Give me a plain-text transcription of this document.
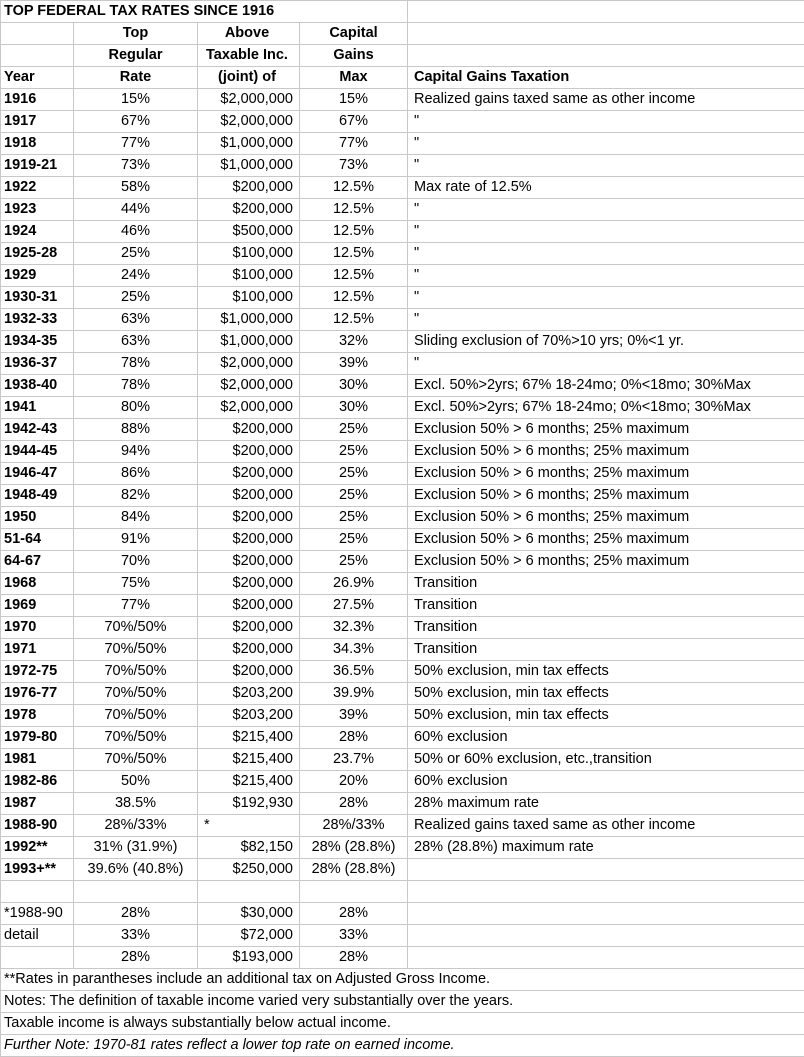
TOP FEDERAL TAX RATES SINCE 1916				
	Top	Above	Capital	
	Regular	Taxable Inc.	Gains	
Year	Rate	(joint) of	Max	Capital Gains Taxation
1916	15%	$2,000,000	15%	Realized gains taxed same as other income
1917	67%	$2,000,000	67%	"
1918	77%	$1,000,000	77%	"
1919-21	73%	$1,000,000	73%	"
1922	58%	$200,000	12.5%	Max rate of 12.5%
1923	44%	$200,000	12.5%	"
1924	46%	$500,000	12.5%	"
1925-28	25%	$100,000	12.5%	"
1929	24%	$100,000	12.5%	"
1930-31	25%	$100,000	12.5%	"
1932-33	63%	$1,000,000	12.5%	"
1934-35	63%	$1,000,000	32%	Sliding exclusion of 70%>10 yrs; 0%<1 yr.
1936-37	78%	$2,000,000	39%	"
1938-40	78%	$2,000,000	30%	Excl. 50%>2yrs; 67% 18-24mo; 0%<18mo; 30%Max
1941	80%	$2,000,000	30%	Excl. 50%>2yrs; 67% 18-24mo; 0%<18mo; 30%Max
1942-43	88%	$200,000	25%	Exclusion 50% > 6 months; 25% maximum
1944-45	94%	$200,000	25%	Exclusion 50% > 6 months; 25% maximum
1946-47	86%	$200,000	25%	Exclusion 50% > 6 months; 25% maximum
1948-49	82%	$200,000	25%	Exclusion 50% > 6 months; 25% maximum
1950	84%	$200,000	25%	Exclusion 50% > 6 months; 25% maximum
51-64	91%	$200,000	25%	Exclusion 50% > 6 months; 25% maximum
64-67	70%	$200,000	25%	Exclusion 50% > 6 months; 25% maximum
1968	75%	$200,000	26.9%	Transition
1969	77%	$200,000	27.5%	Transition
1970	70%/50%	$200,000	32.3%	Transition
1971	70%/50%	$200,000	34.3%	Transition
1972-75	70%/50%	$200,000	36.5%	50% exclusion, min tax effects
1976-77	70%/50%	$203,200	39.9%	50% exclusion, min tax effects
1978	70%/50%	$203,200	39%	50% exclusion, min tax effects
1979-80	70%/50%	$215,400	28%	60% exclusion
1981	70%/50%	$215,400	23.7%	50% or 60% exclusion, etc.,transition
1982-86	50%	$215,400	20%	60% exclusion
1987	38.5%	$192,930	28%	28% maximum rate
1988-90	28%/33%	*	28%/33%	Realized gains taxed same as other income
1992**	31% (31.9%)	$82,150	28% (28.8%)	28% (28.8%) maximum rate
1993+**	39.6% (40.8%)	$250,000	28% (28.8%)	

*1988-90	28%	$30,000	28%	
detail	33%	$72,000	33%	
	28%	$193,000	28%	
**Rates in parantheses include an additional tax on Adjusted Gross Income.				
Notes: The definition of taxable income varied very substantially over the years.				
Taxable income is always substantially below actual income.				
Further Note: 1970-81 rates reflect a lower top rate on earned income.				
